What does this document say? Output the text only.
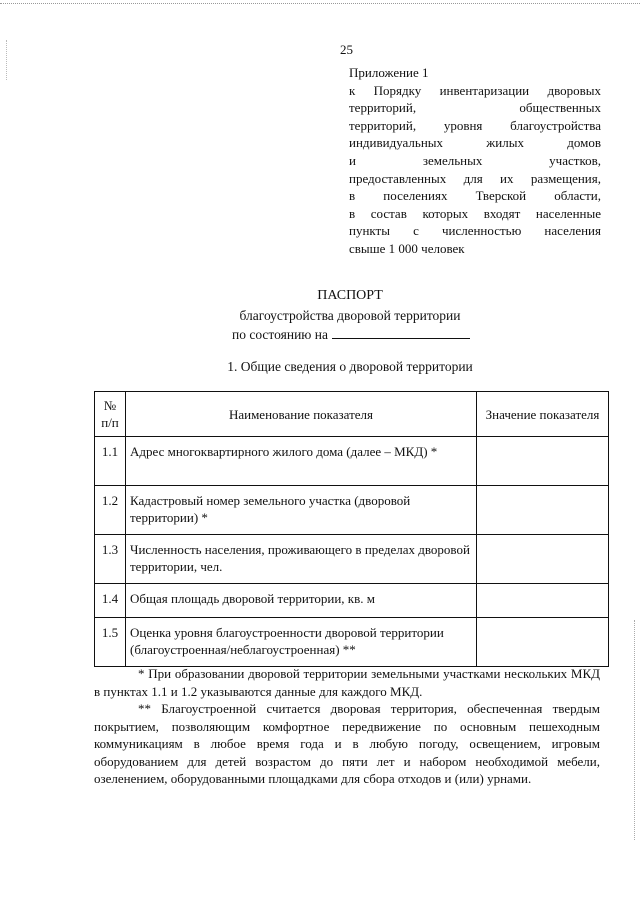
25
Приложение 1
к Порядку инвентаризации дворовых
территорий, общественных
территорий, уровня благоустройства
индивидуальных жилых домов
и земельных участков,
предоставленных для их размещения,
в поселениях Тверской области,
в состав которых входят населенные
пункты с численностью населения
свыше 1 000 человек
ПАСПОРТ
благоустройства дворовой территории
по состоянию на
1. Общие сведения о дворовой территории
№ п/п	Наименование показателя	Значение показателя
1.1	Адрес многоквартирного жилого дома (далее – МКД) *	
1.2	Кадастровый номер земельного участка (дворовой территории) *	
1.3	Численность населения, проживающего в пределах дворовой территории, чел.	
1.4	Общая площадь дворовой территории, кв. м	
1.5	Оценка уровня благоустроенности дворовой территории (благоустроенная/неблагоустроенная) **	

* При образовании дворовой территории земельными участками нескольких МКД в пунктах 1.1 и 1.2 указываются данные для каждого МКД.

** Благоустроенной считается дворовая территория, обеспеченная твердым покрытием, позволяющим комфортное передвижение по основным пешеходным коммуникациям в любое время года и в любую погоду, освещением, игровым оборудованием для детей возрастом до пяти лет и набором необходимой мебели, озеленением, оборудованными площадками для сбора отходов и (или) урнами.
